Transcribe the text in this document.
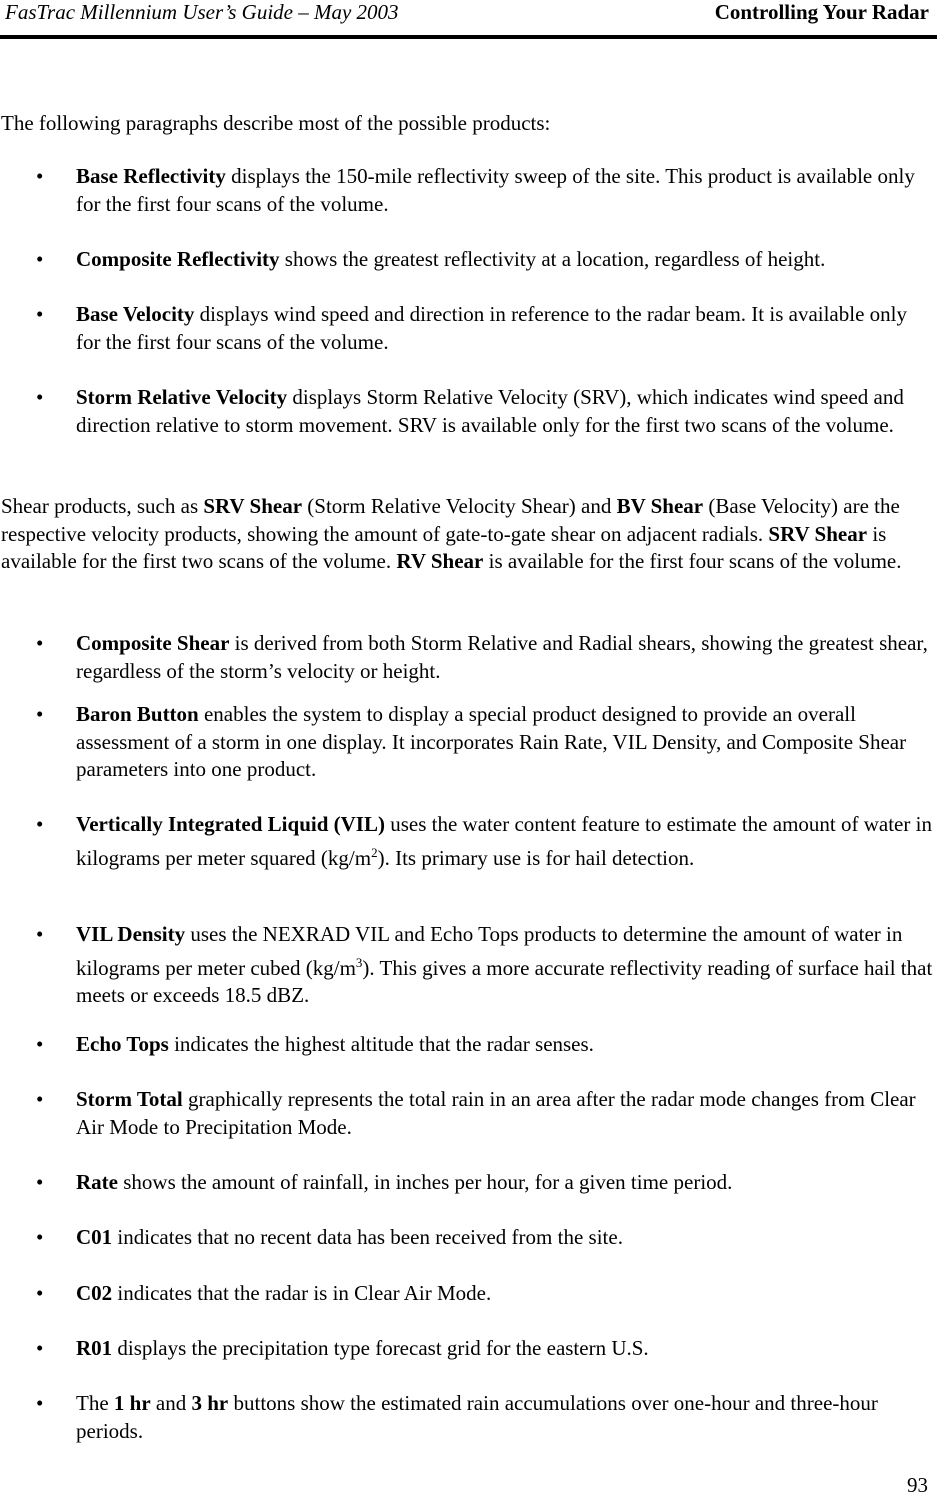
FasTrac Millennium User’s Guide – May 2003	Controlling Your Radar

The following paragraphs describe most of the possible products:

• Base Reflectivity displays the 150-mile reflectivity sweep of the site. This product is available only for the first four scans of the volume.

• Composite Reflectivity shows the greatest reflectivity at a location, regardless of height.

• Base Velocity displays wind speed and direction in reference to the radar beam. It is available only for the first four scans of the volume.

• Storm Relative Velocity displays Storm Relative Velocity (SRV), which indicates wind speed and direction relative to storm movement. SRV is available only for the first two scans of the volume.

Shear products, such as SRV Shear (Storm Relative Velocity Shear) and BV Shear (Base Velocity) are the respective velocity products, showing the amount of gate-to-gate shear on adjacent radials. SRV Shear is available for the first two scans of the volume. RV Shear is available for the first four scans of the volume.

• Composite Shear is derived from both Storm Relative and Radial shears, showing the greatest shear, regardless of the storm’s velocity or height.

• Baron Button enables the system to display a special product designed to provide an overall assessment of a storm in one display. It incorporates Rain Rate, VIL Density, and Composite Shear parameters into one product.

• Vertically Integrated Liquid (VIL) uses the water content feature to estimate the amount of water in kilograms per meter squared $(kg/m^2)$. Its primary use is for hail detection.

• VIL Density uses the NEXRAD VIL and Echo Tops products to determine the amount of water in kilograms per meter cubed $(kg/m^3)$. This gives a more accurate reflectivity reading of surface hail that meets or exceeds 18.5 dBZ.

• Echo Tops indicates the highest altitude that the radar senses.

• Storm Total graphically represents the total rain in an area after the radar mode changes from Clear Air Mode to Precipitation Mode.

• Rate shows the amount of rainfall, in inches per hour, for a given time period.

• C01 indicates that no recent data has been received from the site.

• C02 indicates that the radar is in Clear Air Mode.

• R01 displays the precipitation type forecast grid for the eastern U.S.

• The 1 hr and 3 hr buttons show the estimated rain accumulations over one-hour and three-hour periods.

93
